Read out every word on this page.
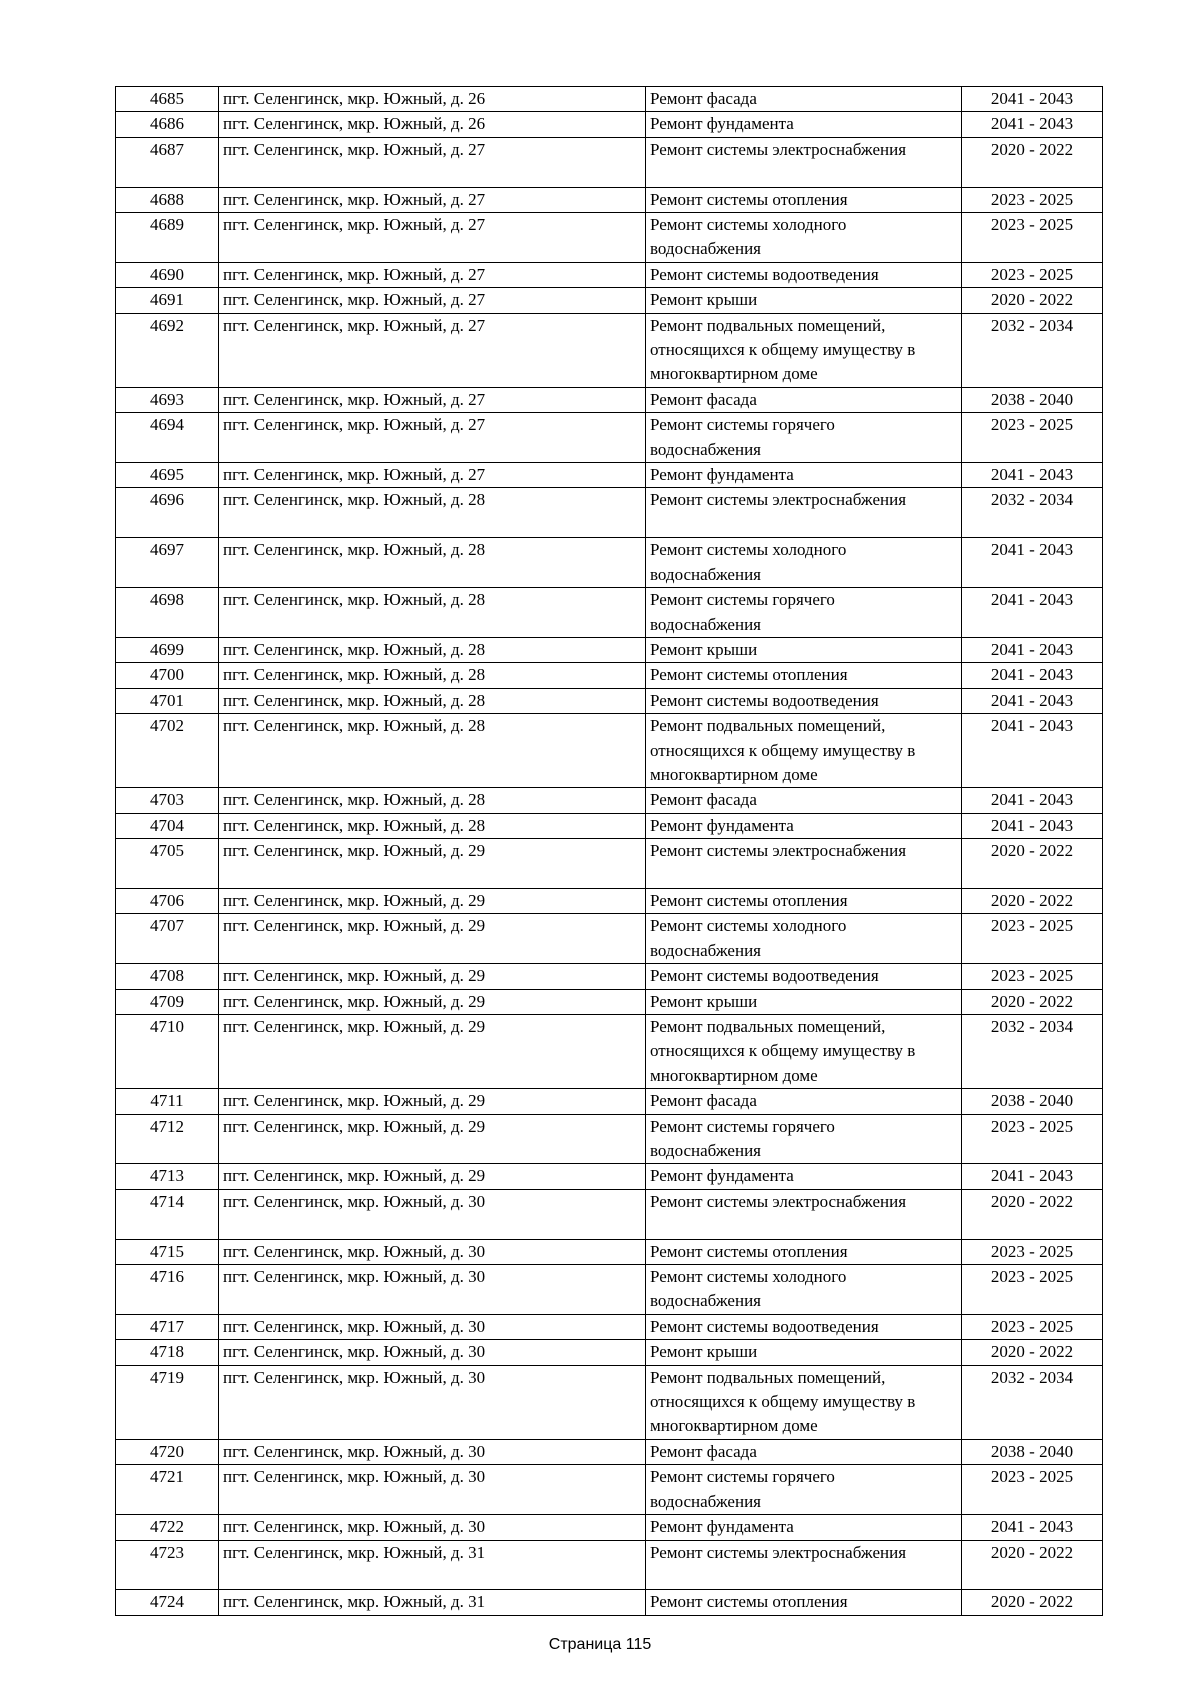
4685	пгт. Селенгинск, мкр. Южный, д. 26	Ремонт фасада	2041 - 2043
4686	пгт. Селенгинск, мкр. Южный, д. 26	Ремонт фундамента	2041 - 2043
4687	пгт. Селенгинск, мкр. Южный, д. 27	Ремонт системы электроснабжения	2020 - 2022
4688	пгт. Селенгинск, мкр. Южный, д. 27	Ремонт системы отопления	2023 - 2025
4689	пгт. Селенгинск, мкр. Южный, д. 27	Ремонт системы холодного
водоснабжения	2023 - 2025
4690	пгт. Селенгинск, мкр. Южный, д. 27	Ремонт системы водоотведения	2023 - 2025
4691	пгт. Селенгинск, мкр. Южный, д. 27	Ремонт крыши	2020 - 2022
4692	пгт. Селенгинск, мкр. Южный, д. 27	Ремонт подвальных помещений,
относящихся к общему имуществу в
многоквартирном доме	2032 - 2034
4693	пгт. Селенгинск, мкр. Южный, д. 27	Ремонт фасада	2038 - 2040
4694	пгт. Селенгинск, мкр. Южный, д. 27	Ремонт системы горячего
водоснабжения	2023 - 2025
4695	пгт. Селенгинск, мкр. Южный, д. 27	Ремонт фундамента	2041 - 2043
4696	пгт. Селенгинск, мкр. Южный, д. 28	Ремонт системы электроснабжения	2032 - 2034
4697	пгт. Селенгинск, мкр. Южный, д. 28	Ремонт системы холодного
водоснабжения	2041 - 2043
4698	пгт. Селенгинск, мкр. Южный, д. 28	Ремонт системы горячего
водоснабжения	2041 - 2043
4699	пгт. Селенгинск, мкр. Южный, д. 28	Ремонт крыши	2041 - 2043
4700	пгт. Селенгинск, мкр. Южный, д. 28	Ремонт системы отопления	2041 - 2043
4701	пгт. Селенгинск, мкр. Южный, д. 28	Ремонт системы водоотведения	2041 - 2043
4702	пгт. Селенгинск, мкр. Южный, д. 28	Ремонт подвальных помещений,
относящихся к общему имуществу в
многоквартирном доме	2041 - 2043
4703	пгт. Селенгинск, мкр. Южный, д. 28	Ремонт фасада	2041 - 2043
4704	пгт. Селенгинск, мкр. Южный, д. 28	Ремонт фундамента	2041 - 2043
4705	пгт. Селенгинск, мкр. Южный, д. 29	Ремонт системы электроснабжения	2020 - 2022
4706	пгт. Селенгинск, мкр. Южный, д. 29	Ремонт системы отопления	2020 - 2022
4707	пгт. Селенгинск, мкр. Южный, д. 29	Ремонт системы холодного
водоснабжения	2023 - 2025
4708	пгт. Селенгинск, мкр. Южный, д. 29	Ремонт системы водоотведения	2023 - 2025
4709	пгт. Селенгинск, мкр. Южный, д. 29	Ремонт крыши	2020 - 2022
4710	пгт. Селенгинск, мкр. Южный, д. 29	Ремонт подвальных помещений,
относящихся к общему имуществу в
многоквартирном доме	2032 - 2034
4711	пгт. Селенгинск, мкр. Южный, д. 29	Ремонт фасада	2038 - 2040
4712	пгт. Селенгинск, мкр. Южный, д. 29	Ремонт системы горячего
водоснабжения	2023 - 2025
4713	пгт. Селенгинск, мкр. Южный, д. 29	Ремонт фундамента	2041 - 2043
4714	пгт. Селенгинск, мкр. Южный, д. 30	Ремонт системы электроснабжения	2020 - 2022
4715	пгт. Селенгинск, мкр. Южный, д. 30	Ремонт системы отопления	2023 - 2025
4716	пгт. Селенгинск, мкр. Южный, д. 30	Ремонт системы холодного
водоснабжения	2023 - 2025
4717	пгт. Селенгинск, мкр. Южный, д. 30	Ремонт системы водоотведения	2023 - 2025
4718	пгт. Селенгинск, мкр. Южный, д. 30	Ремонт крыши	2020 - 2022
4719	пгт. Селенгинск, мкр. Южный, д. 30	Ремонт подвальных помещений,
относящихся к общему имуществу в
многоквартирном доме	2032 - 2034
4720	пгт. Селенгинск, мкр. Южный, д. 30	Ремонт фасада	2038 - 2040
4721	пгт. Селенгинск, мкр. Южный, д. 30	Ремонт системы горячего
водоснабжения	2023 - 2025
4722	пгт. Селенгинск, мкр. Южный, д. 30	Ремонт фундамента	2041 - 2043
4723	пгт. Селенгинск, мкр. Южный, д. 31	Ремонт системы электроснабжения	2020 - 2022
4724	пгт. Селенгинск, мкр. Южный, д. 31	Ремонт системы отопления	2020 - 2022
Страница 115
